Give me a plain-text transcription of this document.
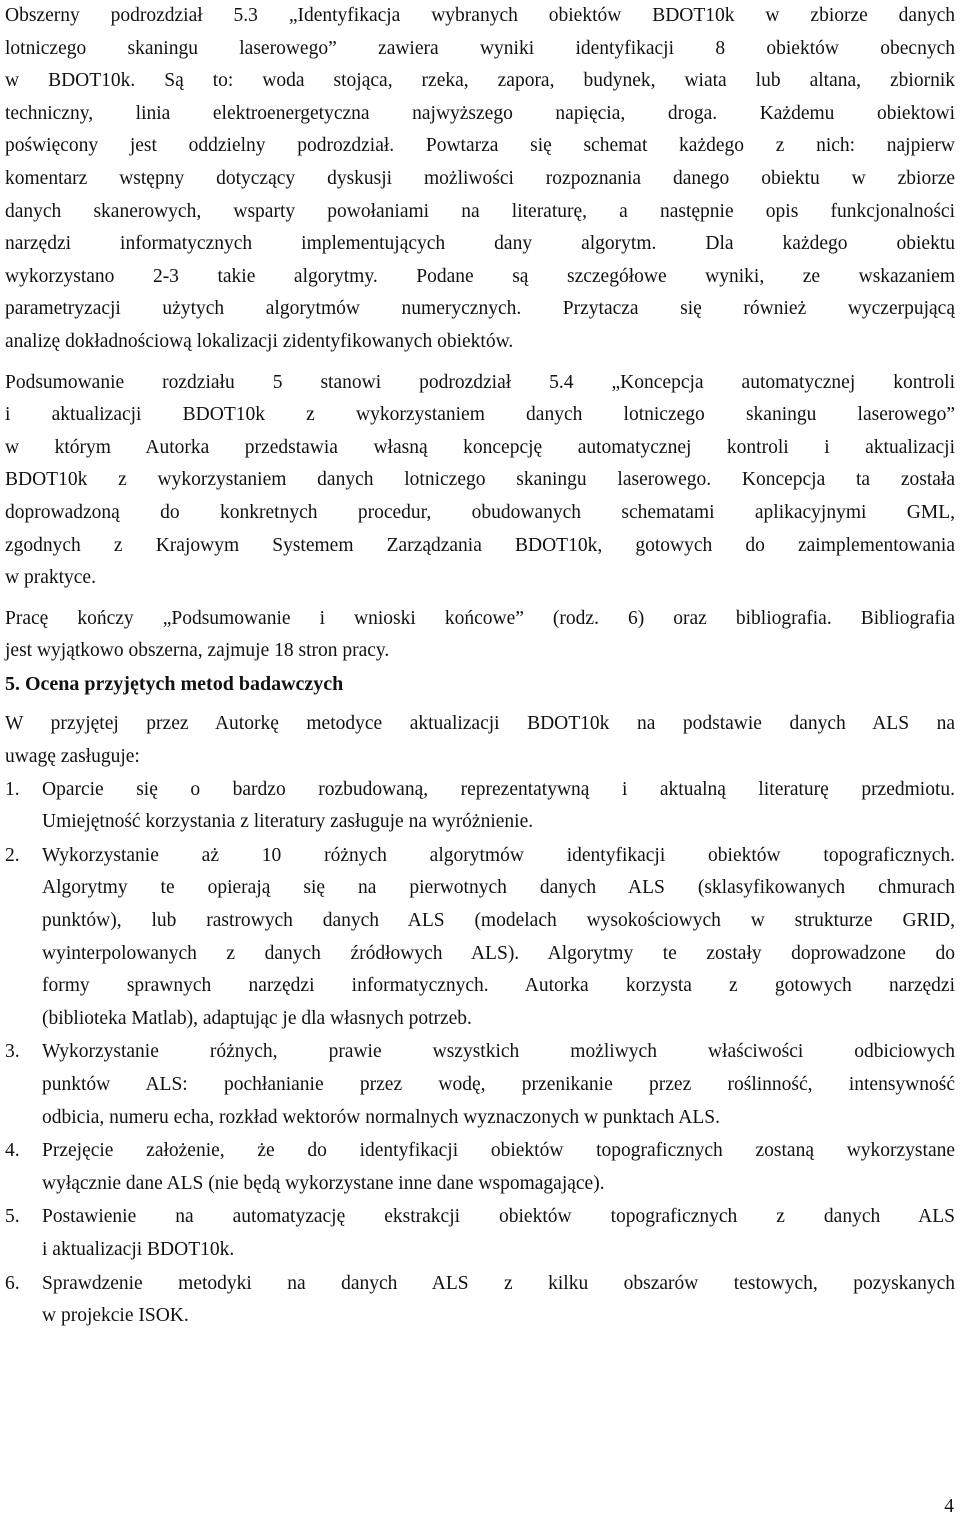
Obszerny podrozdział 5.3 „Identyfikacja wybranych obiektów BDOT10k w zbiorze danych
lotniczego skaningu laserowego” zawiera wyniki identyfikacji 8 obiektów obecnych
w BDOT10k. Są to: woda stojąca, rzeka, zapora, budynek, wiata lub altana, zbiornik
techniczny, linia elektroenergetyczna najwyższego napięcia, droga. Każdemu obiektowi
poświęcony jest oddzielny podrozdział. Powtarza się schemat każdego z nich: najpierw
komentarz wstępny dotyczący dyskusji możliwości rozpoznania danego obiektu w zbiorze
danych skanerowych, wsparty powołaniami na literaturę, a następnie opis funkcjonalności
narzędzi informatycznych implementujących dany algorytm. Dla każdego obiektu
wykorzystano 2-3 takie algorytmy. Podane są szczegółowe wyniki, ze wskazaniem
parametryzacji użytych algorytmów numerycznych. Przytacza się również wyczerpującą
analizę dokładnościową lokalizacji zidentyfikowanych obiektów.

Podsumowanie rozdziału 5 stanowi podrozdział 5.4 „Koncepcja automatycznej kontroli
i aktualizacji BDOT10k z wykorzystaniem danych lotniczego skaningu laserowego”
w którym Autorka przedstawia własną koncepcję automatycznej kontroli i aktualizacji
BDOT10k z wykorzystaniem danych lotniczego skaningu laserowego. Koncepcja ta została
doprowadzoną do konkretnych procedur, obudowanych schematami aplikacyjnymi GML,
zgodnych z Krajowym Systemem Zarządzania BDOT10k, gotowych do zaimplementowania
w praktyce.

Pracę kończy „Podsumowanie i wnioski końcowe” (rodz. 6) oraz bibliografia. Bibliografia
jest wyjątkowo obszerna, zajmuje 18 stron pracy.

5. Ocena przyjętych metod badawczych

W przyjętej przez Autorkę metodyce aktualizacji BDOT10k na podstawie danych ALS na
uwagę zasługuje:

1. Oparcie się o bardzo rozbudowaną, reprezentatywną i aktualną literaturę przedmiotu.
Umiejętność korzystania z literatury zasługuje na wyróżnienie.
2. Wykorzystanie aż 10 różnych algorytmów identyfikacji obiektów topograficznych.
Algorytmy te opierają się na pierwotnych danych ALS (sklasyfikowanych chmurach
punktów), lub rastrowych danych ALS (modelach wysokościowych w strukturze GRID,
wyinterpolowanych z danych źródłowych ALS). Algorytmy te zostały doprowadzone do
formy sprawnych narzędzi informatycznych. Autorka korzysta z gotowych narzędzi
(biblioteka Matlab), adaptując je dla własnych potrzeb.
3. Wykorzystanie różnych, prawie wszystkich możliwych właściwości odbiciowych
punktów ALS: pochłanianie przez wodę, przenikanie przez roślinność, intensywność
odbicia, numeru echa, rozkład wektorów normalnych wyznaczonych w punktach ALS.
4. Przejęcie założenie, że do identyfikacji obiektów topograficznych zostaną wykorzystane
wyłącznie dane ALS (nie będą wykorzystane inne dane wspomagające).
5. Postawienie na automatyzację ekstrakcji obiektów topograficznych z danych ALS
i aktualizacji BDOT10k.
6. Sprawdzenie metodyki na danych ALS z kilku obszarów testowych, pozyskanych
w projekcie ISOK.
4
